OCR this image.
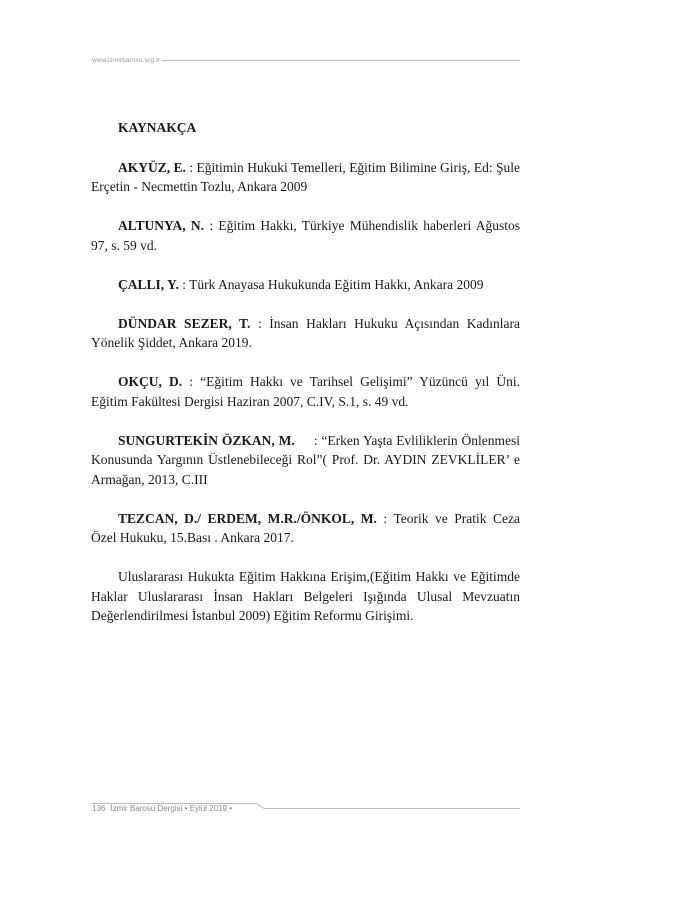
www.izmirbarosu.org.tr
KAYNAKÇA

AKYÜZ, E. : Eğitimin Hukuki Temelleri, Eğitim Bilimine Giriş, Ed: Şule Erçetin - Necmettin Tozlu, Ankara 2009

ALTUNYA, N. : Eğitim Hakkı, Türkiye Mühendislik haberleri Ağustos 97, s. 59 vd.

ÇALLI, Y. : Türk Anayasa Hukukunda Eğitim Hakkı, Ankara 2009

DÜNDAR SEZER, T. : İnsan Hakları Hukuku Açısından Kadınlara Yönelik Şiddet, Ankara 2019.

OKÇU, D. : “Eğitim Hakkı ve Tarihsel Gelişimi” Yüzüncü yıl Üni. Eğitim Fakültesi Dergisi Haziran 2007, C.IV, S.1, s. 49 vd.

SUNGURTEKİN ÖZKAN, M.     : “Erken Yaşta Evliliklerin Önlenmesi Konusunda Yargının Üstlenebileceği Rol”( Prof. Dr. AYDIN ZEVKLİLER’ e Armağan, 2013, C.III

TEZCAN, D./ ERDEM, M.R./ÖNKOL, M. : Teorik ve Pratik Ceza Özel Hukuku, 15.Bası . Ankara 2017.

Uluslararası Hukukta Eğitim Hakkına Erişim,(Eğitim Hakkı ve Eğitimde Haklar Uluslararası İnsan Hakları Belgeleri Işığında Ulusal Mevzuatın Değerlendirilmesi İstanbul 2009) Eğitim Reformu Girişimi.

136 İzmir Barosu Dergisi • Eylül 2019 •
